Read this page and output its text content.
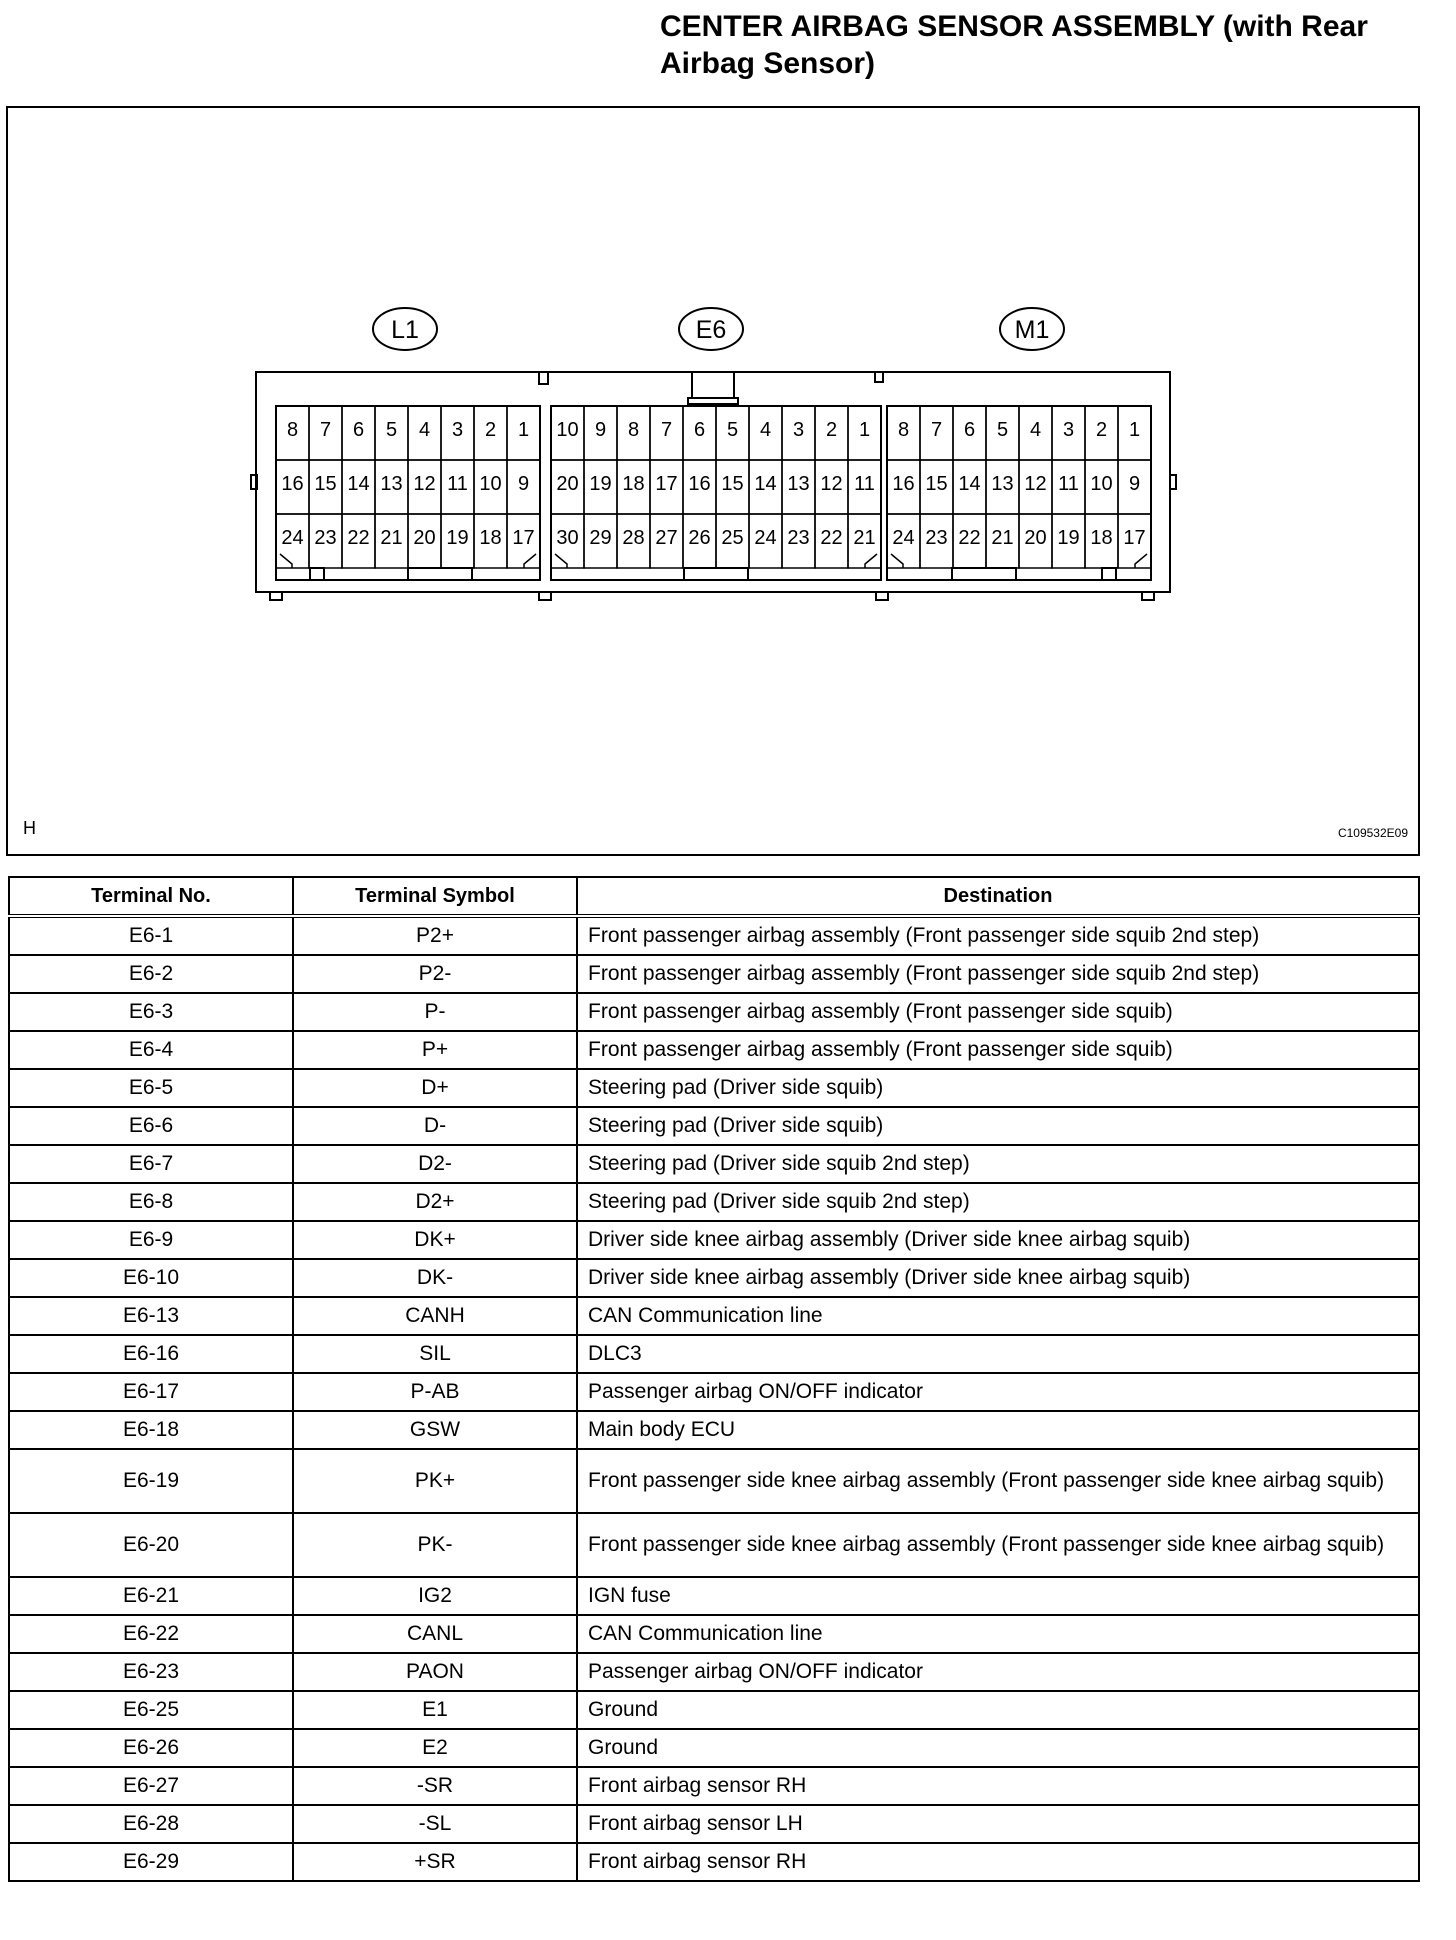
CENTER AIRBAG SENSOR ASSEMBLY (with Rear Airbag Sensor)
L1	E6	M1
8 7 6 5 4 3 2 1
16 15 14 13 12 11 10 9
24 23 22 21 20 19 18 17
10 9 8 7 6 5 4 3 2 1
20 19 18 17 16 15 14 13 12 11
30 29 28 27 26 25 24 23 22 21
8 7 6 5 4 3 2 1
16 15 14 13 12 11 10 9
24 23 22 21 20 19 18 17
H	C109532E09
Terminal No.	Terminal Symbol	Destination
E6-1	P2+	Front passenger airbag assembly (Front passenger side squib 2nd step)
E6-2	P2-	Front passenger airbag assembly (Front passenger side squib 2nd step)
E6-3	P-	Front passenger airbag assembly (Front passenger side squib)
E6-4	P+	Front passenger airbag assembly (Front passenger side squib)
E6-5	D+	Steering pad (Driver side squib)
E6-6	D-	Steering pad (Driver side squib)
E6-7	D2-	Steering pad (Driver side squib 2nd step)
E6-8	D2+	Steering pad (Driver side squib 2nd step)
E6-9	DK+	Driver side knee airbag assembly (Driver side knee airbag squib)
E6-10	DK-	Driver side knee airbag assembly (Driver side knee airbag squib)
E6-13	CANH	CAN Communication line
E6-16	SIL	DLC3
E6-17	P-AB	Passenger airbag ON/OFF indicator
E6-18	GSW	Main body ECU
E6-19	PK+	Front passenger side knee airbag assembly (Front passenger side knee airbag squib)
E6-20	PK-	Front passenger side knee airbag assembly (Front passenger side knee airbag squib)
E6-21	IG2	IGN fuse
E6-22	CANL	CAN Communication line
E6-23	PAON	Passenger airbag ON/OFF indicator
E6-25	E1	Ground
E6-26	E2	Ground
E6-27	-SR	Front airbag sensor RH
E6-28	-SL	Front airbag sensor LH
E6-29	+SR	Front airbag sensor RH
